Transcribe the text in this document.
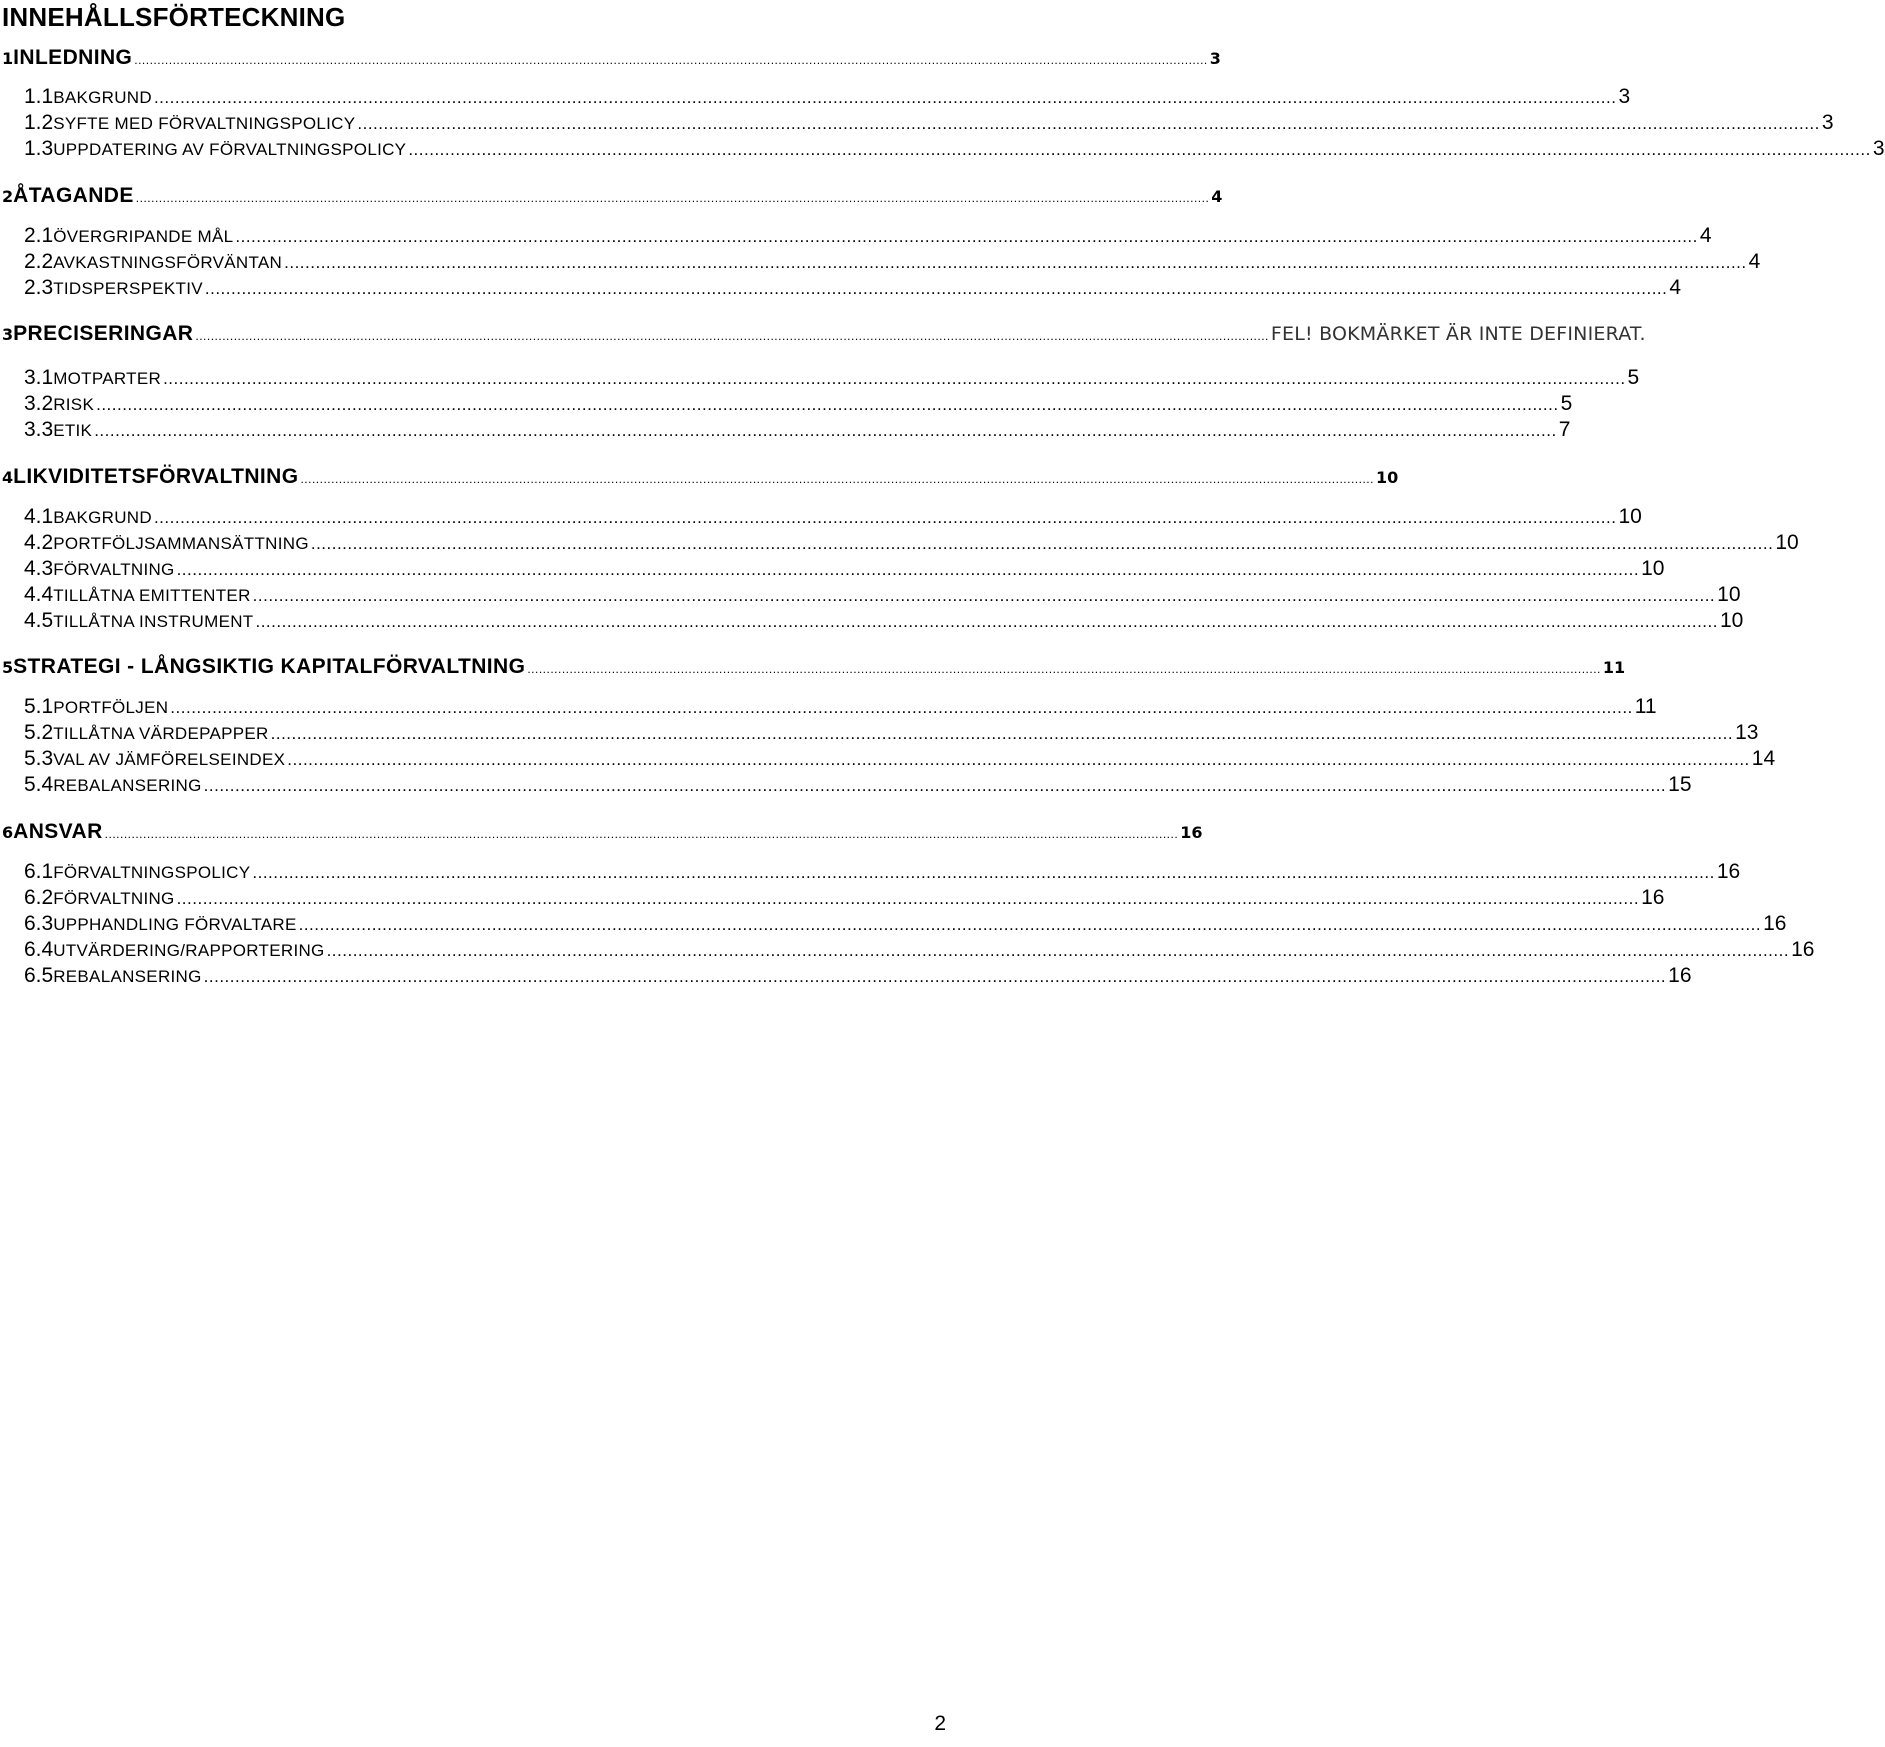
INNEHÅLLSFÖRTECKNING
1 INLEDNING .....	3
1.1 BAKGRUND .....	3
1.2 SYFTE MED FÖRVALTNINGSPOLICY .....	3
1.3 UPPDATERING AV FÖRVALTNINGSPOLICY .....	3
2 ÅTAGANDE .....	4
2.1 ÖVERGRIPANDE MÅL .....	4
2.2 AVKASTNINGSFÖRVÄNTAN .....	4
2.3 TIDSPERSPEKTIV .....	4
3 PRECISERINGAR .....	FEL! BOKMÄRKET ÄR INTE DEFINIERAT.
3.1 MOTPARTER .....	5
3.2 RISK .....	5
3.3 ETIK .....	7
4 LIKVIDITETSFÖRVALTNING .....	10
4.1 BAKGRUND .....	10
4.2 PORTFÖLJSAMMANSÄTTNING .....	10
4.3 FÖRVALTNING .....	10
4.4 TILLÅTNA EMITTENTER .....	10
4.5 TILLÅTNA INSTRUMENT .....	10
5 STRATEGI - LÅNGSIKTIG KAPITALFÖRVALTNING .....	11
5.1 PORTFÖLJEN .....	11
5.2 TILLÅTNA VÄRDEPAPPER .....	13
5.3 VAL AV JÄMFÖRELSEINDEX .....	14
5.4 REBALANSERING .....	15
6 ANSVAR .....	16
6.1 FÖRVALTNINGSPOLICY .....	16
6.2 FÖRVALTNING .....	16
6.3 UPPHANDLING FÖRVALTARE .....	16
6.4 UTVÄRDERING/RAPPORTERING .....	16
6.5 REBALANSERING .....	16
2
